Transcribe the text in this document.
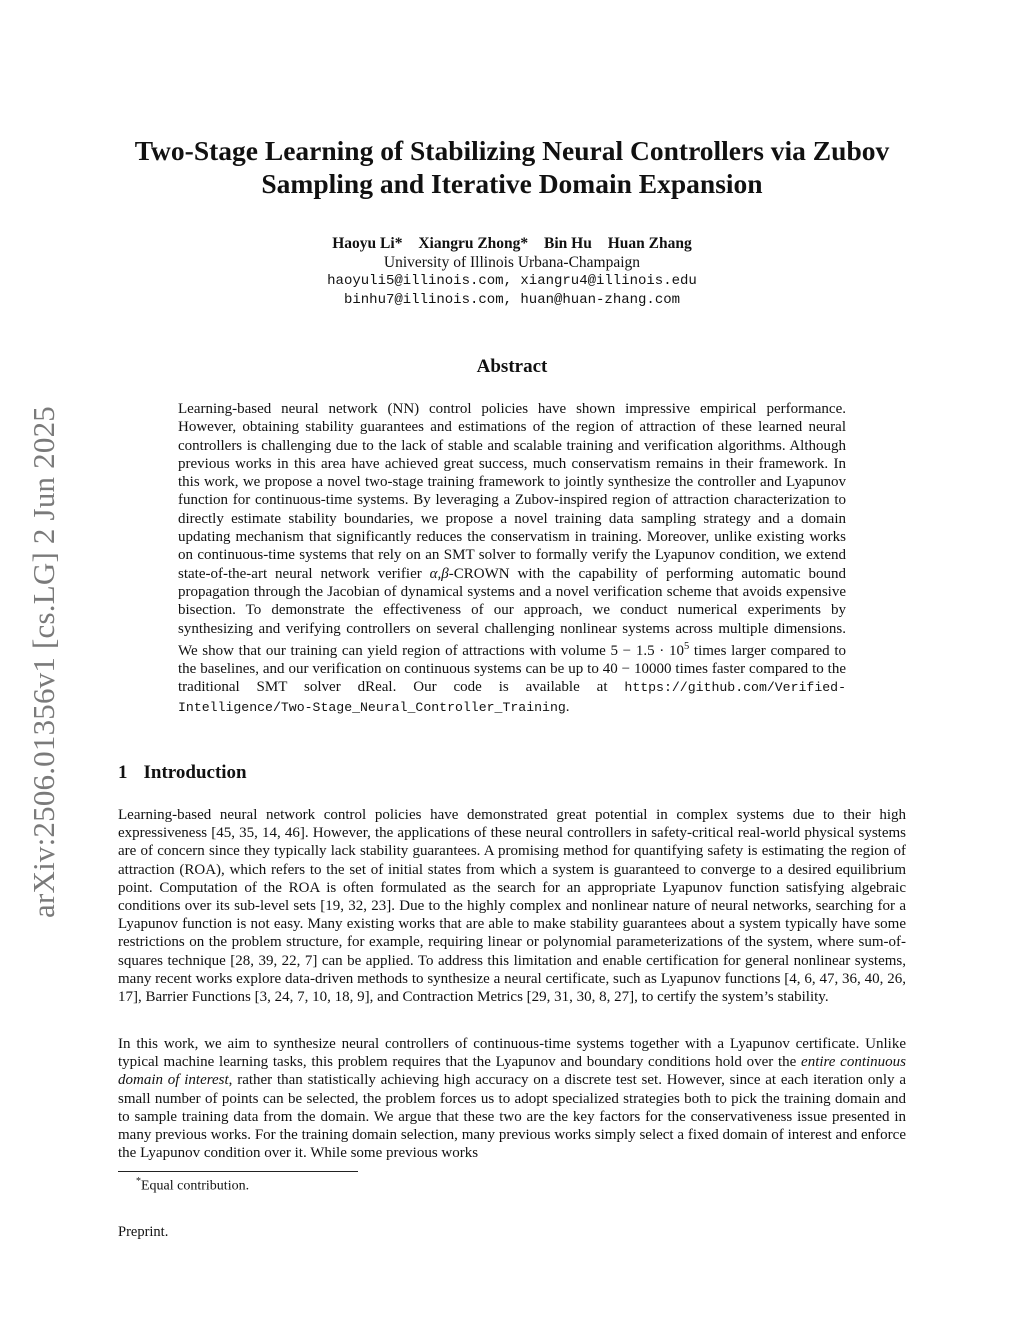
arXiv:2506.01356v1 [cs.LG] 2 Jun 2025
Two-Stage Learning of Stabilizing Neural Controllers via Zubov
Sampling and Iterative Domain Expansion
Haoyu Li* Xiangru Zhong* Bin Hu Huan Zhang
University of Illinois Urbana-Champaign
haoyuli5@illinois.com, xiangru4@illinois.edu
binhu7@illinois.com, huan@huan-zhang.com
Abstract
Learning-based neural network (NN) control policies have shown impressive empirical performance. However, obtaining stability guarantees and estimations of the region of attraction of these learned neural controllers is challenging due to the lack of stable and scalable training and verification algorithms. Although previous works in this area have achieved great success, much conservatism remains in their framework. In this work, we propose a novel two-stage training framework to jointly synthesize the controller and Lyapunov function for continuous-time systems. By leveraging a Zubov-inspired region of attraction characterization to directly estimate stability boundaries, we propose a novel training data sampling strategy and a domain updating mechanism that significantly reduces the conservatism in training. Moreover, unlike existing works on continuous-time systems that rely on an SMT solver to formally verify the Lyapunov condition, we extend state-of-the-art neural network verifier α,β-CROWN with the capability of performing automatic bound propagation through the Jacobian of dynamical systems and a novel verification scheme that avoids expensive bisection. To demonstrate the effectiveness of our approach, we conduct numerical experiments by synthesizing and verifying controllers on several challenging nonlinear systems across multiple dimensions. We show that our training can yield region of attractions with volume $5 - 1.5 \cdot 10^5$ times larger compared to the baselines, and our verification on continuous systems can be up to 40 − 10000 times faster compared to the traditional SMT solver dReal. Our code is available at https://github.com/Verified-Intelligence/Two-Stage_Neural_Controller_Training.
1 Introduction
Learning-based neural network control policies have demonstrated great potential in complex systems due to their high expressiveness [45, 35, 14, 46]. However, the applications of these neural controllers in safety-critical real-world physical systems are of concern since they typically lack stability guarantees. A promising method for quantifying safety is estimating the region of attraction (ROA), which refers to the set of initial states from which a system is guaranteed to converge to a desired equilibrium point. Computation of the ROA is often formulated as the search for an appropriate Lyapunov function satisfying algebraic conditions over its sub-level sets [19, 32, 23]. Due to the highly complex and nonlinear nature of neural networks, searching for a Lyapunov function is not easy. Many existing works that are able to make stability guarantees about a system typically have some restrictions on the problem structure, for example, requiring linear or polynomial parameterizations of the system, where sum-of-squares technique [28, 39, 22, 7] can be applied. To address this limitation and enable certification for general nonlinear systems, many recent works explore data-driven methods to synthesize a neural certificate, such as Lyapunov functions [4, 6, 47, 36, 40, 26, 17], Barrier Functions [3, 24, 7, 10, 18, 9], and Contraction Metrics [29, 31, 30, 8, 27], to certify the system’s stability.
In this work, we aim to synthesize neural controllers of continuous-time systems together with a Lyapunov certificate. Unlike typical machine learning tasks, this problem requires that the Lyapunov and boundary conditions hold over the entire continuous domain of interest, rather than statistically achieving high accuracy on a discrete test set. However, since at each iteration only a small number of points can be selected, the problem forces us to adopt specialized strategies both to pick the training domain and to sample training data from the domain. We argue that these two are the key factors for the conservativeness issue presented in many previous works. For the training domain selection, many previous works simply select a fixed domain of interest and enforce the Lyapunov condition over it. While some previous works
*Equal contribution.
Preprint.
